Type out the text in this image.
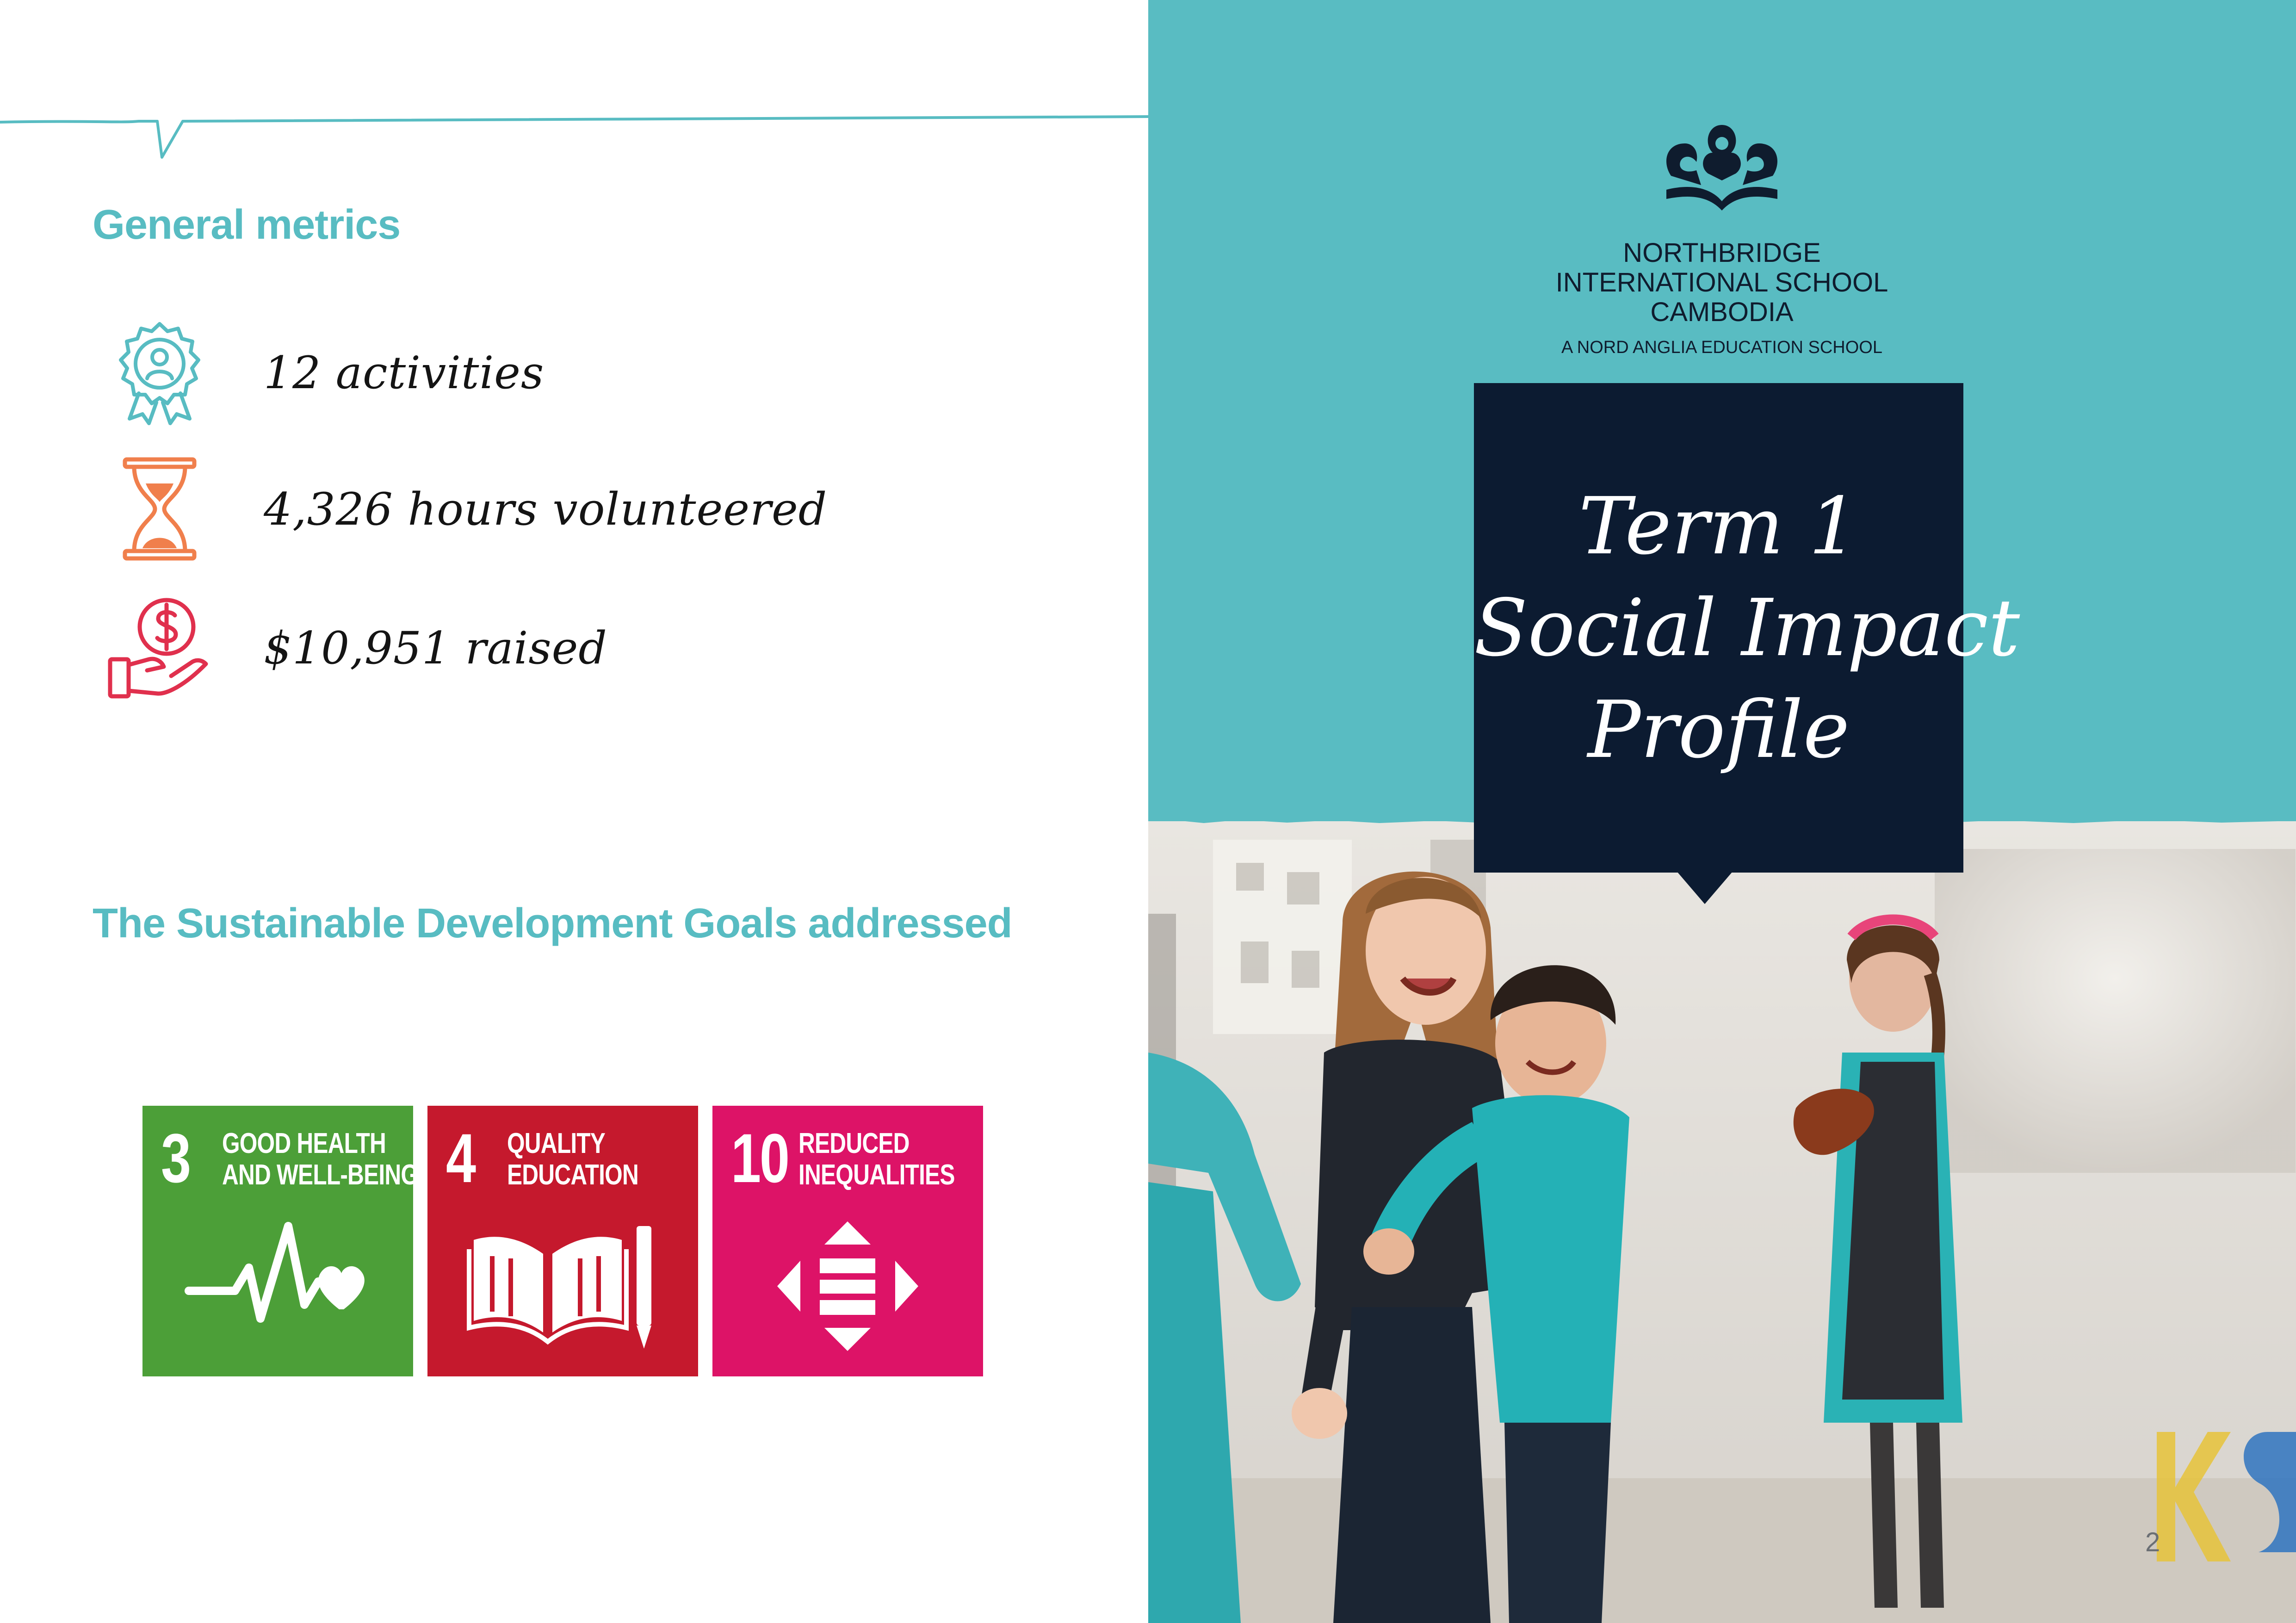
General metrics
12 activities
4,326 hours volunteered
$10,951 raised
The Sustainable Development Goals addressed
3 GOOD HEALTH
AND WELL-BEING 4 QUALITY
EDUCATION 10 REDUCED
INEQUALITIES
NORTHBRIDGE
INTERNATIONAL SCHOOL
CAMBODIA
A NORD ANGLIA EDUCATION SCHOOL
Term 1
Social Impact
Profile
2
